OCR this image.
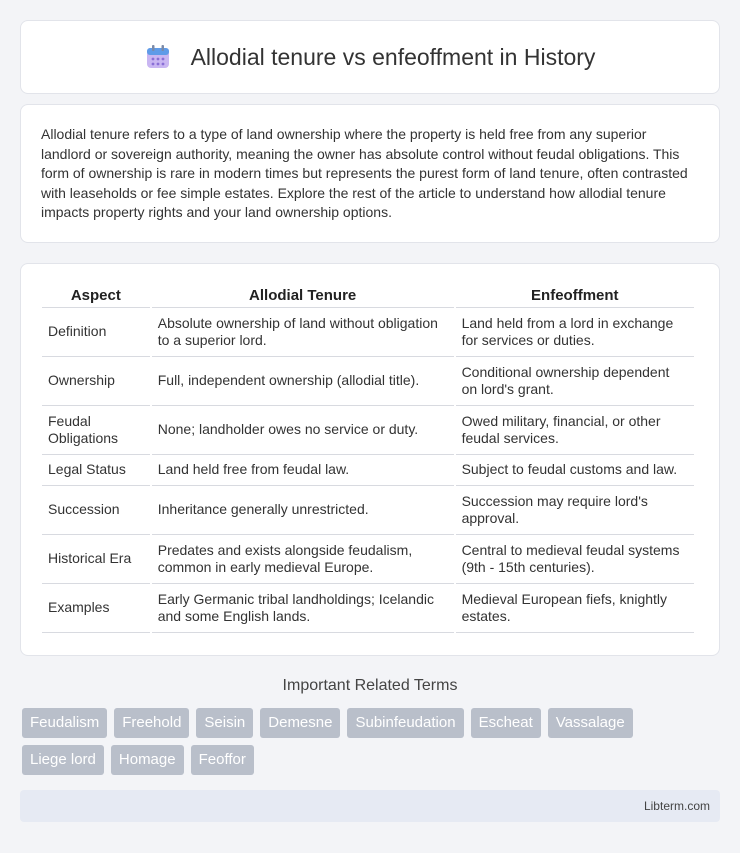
Allodial tenure vs enfeoffment in History

Allodial tenure refers to a type of land ownership where the property is held free from any superior landlord or sovereign authority, meaning the owner has absolute control without feudal obligations. This form of ownership is rare in modern times but represents the purest form of land tenure, often contrasted with leaseholds or fee simple estates. Explore the rest of the article to understand how allodial tenure impacts property rights and your land ownership options.

Aspect	Allodial Tenure	Enfeoffment
Definition	Absolute ownership of land without obligation to a superior lord.	Land held from a lord in exchange for services or duties.
Ownership	Full, independent ownership (allodial title).	Conditional ownership dependent on lord's grant.
Feudal Obligations	None; landholder owes no service or duty.	Owed military, financial, or other feudal services.
Legal Status	Land held free from feudal law.	Subject to feudal customs and law.
Succession	Inheritance generally unrestricted.	Succession may require lord's approval.
Historical Era	Predates and exists alongside feudalism, common in early medieval Europe.	Central to medieval feudal systems (9th - 15th centuries).
Examples	Early Germanic tribal landholdings; Icelandic and some English lands.	Medieval European fiefs, knightly estates.
Important Related Terms
Feudalism	Freehold	Seisin	Demesne	Subinfeudation	Escheat	Vassalage
Liege lord	Homage	Feoffor
Libterm.com
